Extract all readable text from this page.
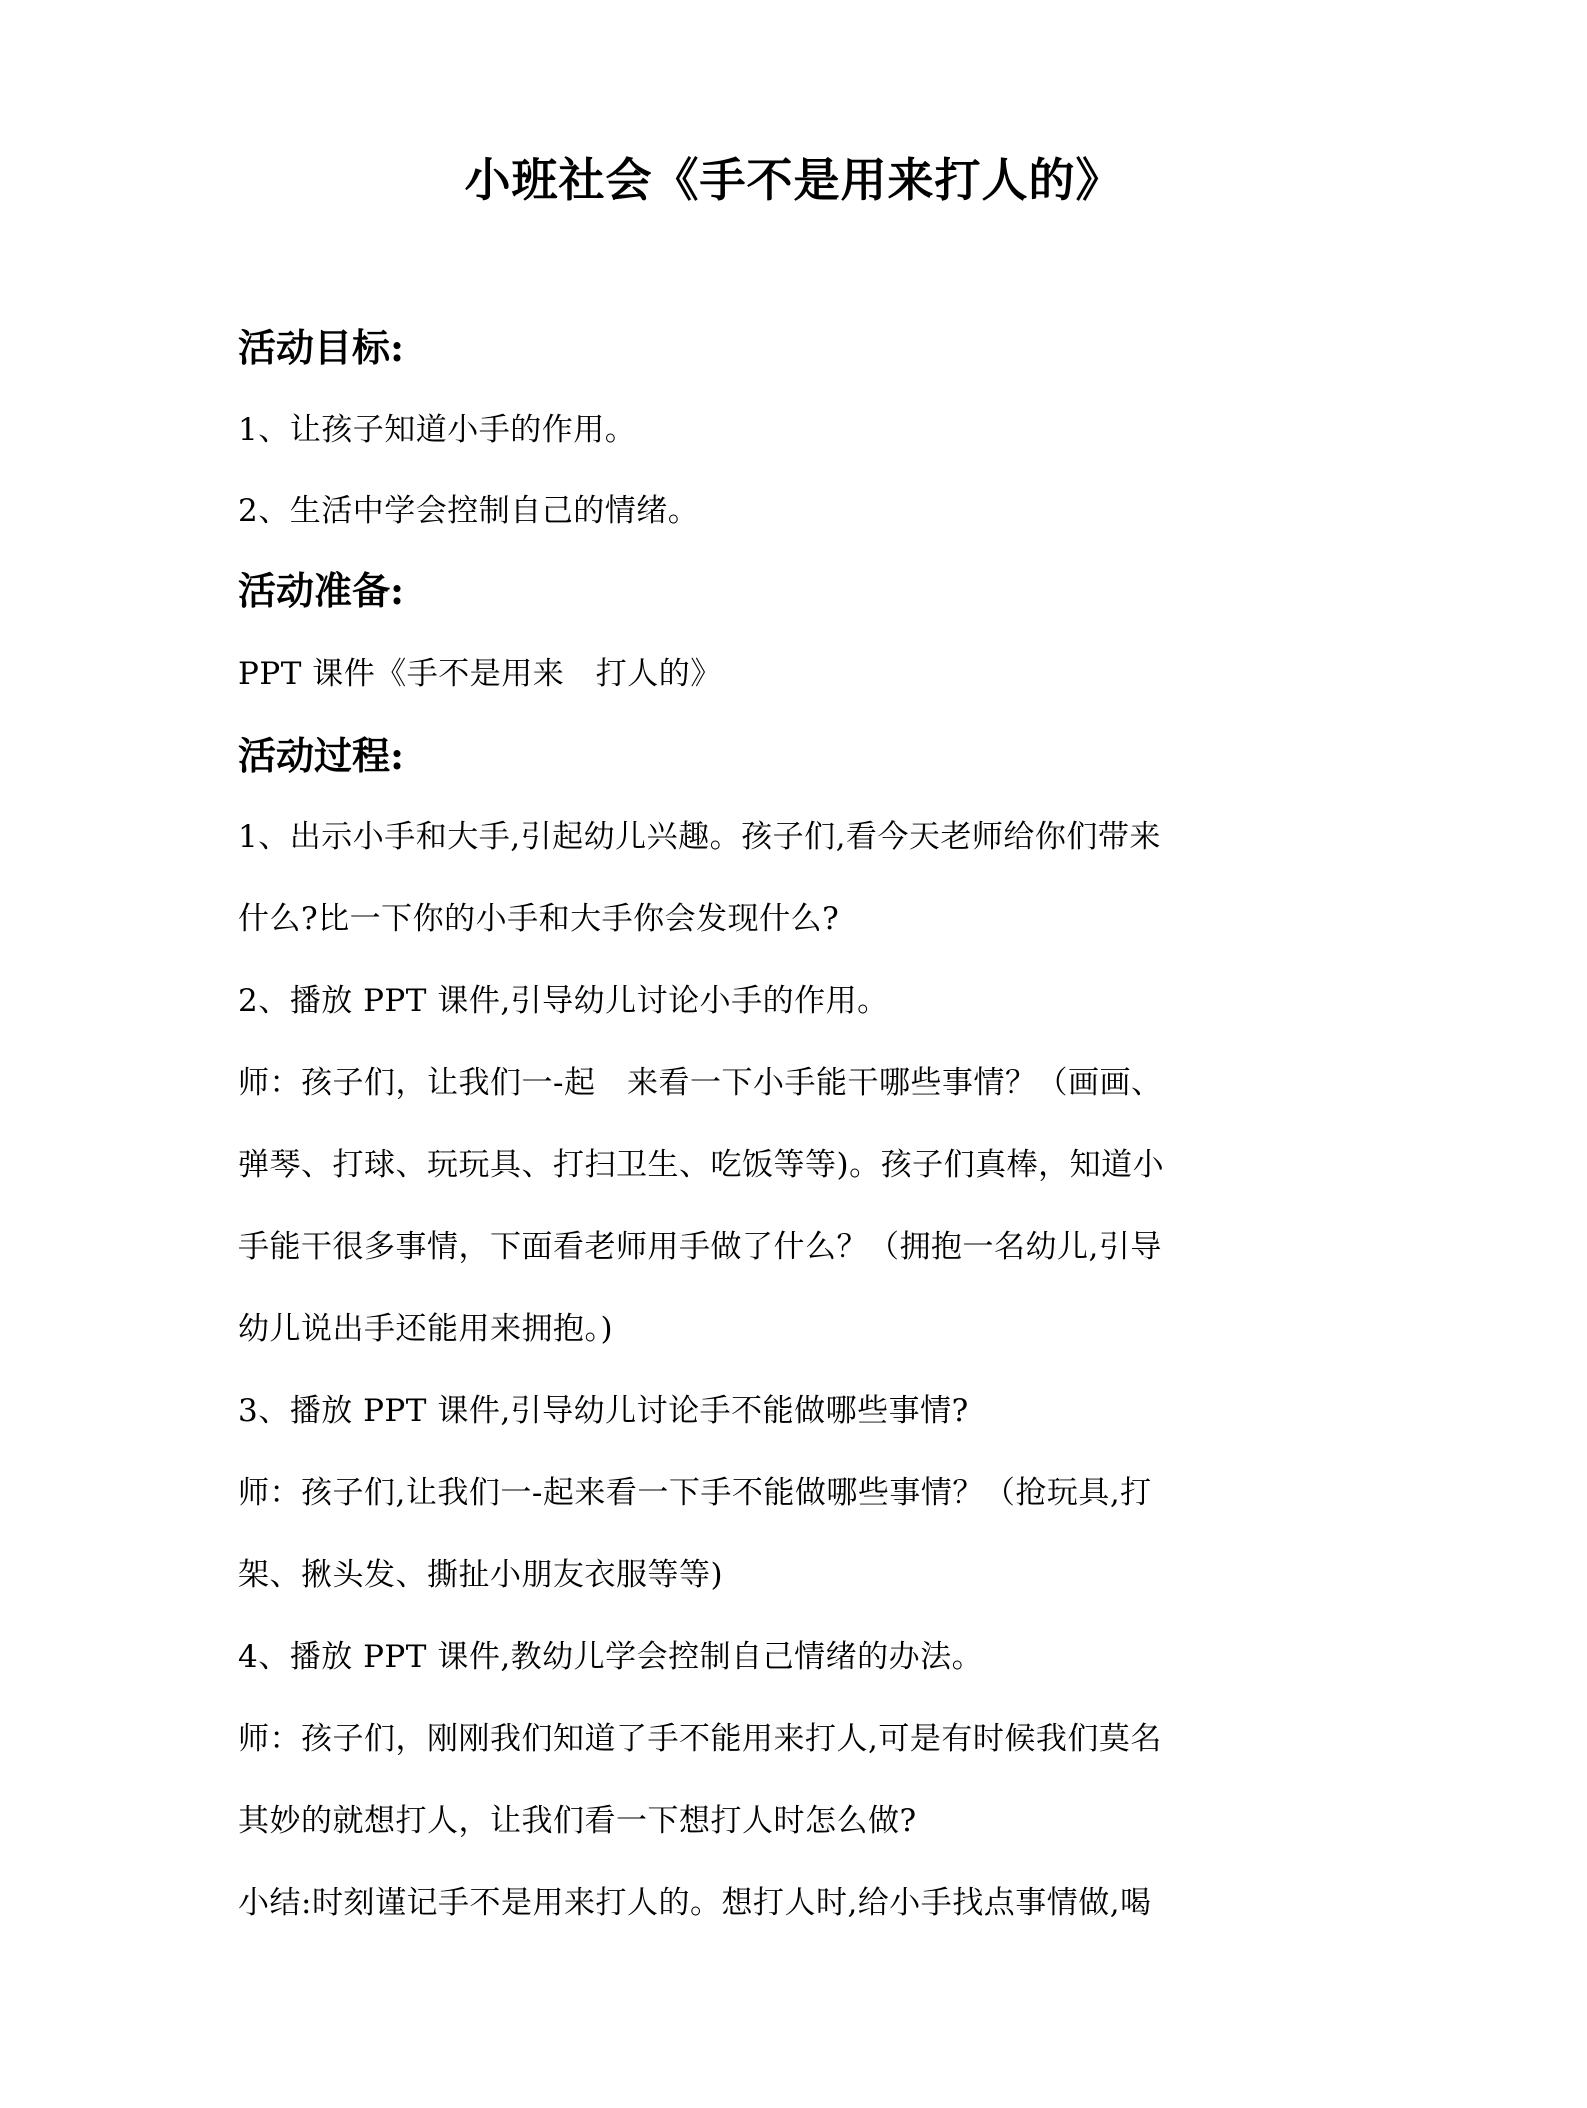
小班社会《手不是用来打人的》
活动目标:
1、让孩子知道小手的作用。
2、生活中学会控制自己的情绪。
活动准备:
PPT 课件《手不是用来　打人的》
活动过程:
1、出示小手和大手,引起幼儿兴趣。孩子们,看今天老师给你们带来
什么?比一下你的小手和大手你会发现什么?
2、播放 PPT 课件,引导幼儿讨论小手的作用。
师：孩子们，让我们一-起　来看一下小手能干哪些事情？（画画、
弹琴、打球、玩玩具、打扫卫生、吃饭等等)。孩子们真棒，知道小
手能干很多事情，下面看老师用手做了什么？（拥抱一名幼儿,引导
幼儿说出手还能用来拥抱。)
3、播放 PPT 课件,引导幼儿讨论手不能做哪些事情?
师：孩子们,让我们一-起来看一下手不能做哪些事情？（抢玩具,打
架、揪头发、撕扯小朋友衣服等等)
4、播放 PPT 课件,教幼儿学会控制自己情绪的办法。
师：孩子们，刚刚我们知道了手不能用来打人,可是有时候我们莫名
其妙的就想打人，让我们看一下想打人时怎么做?
小结:时刻谨记手不是用来打人的。想打人时,给小手找点事情做,喝
